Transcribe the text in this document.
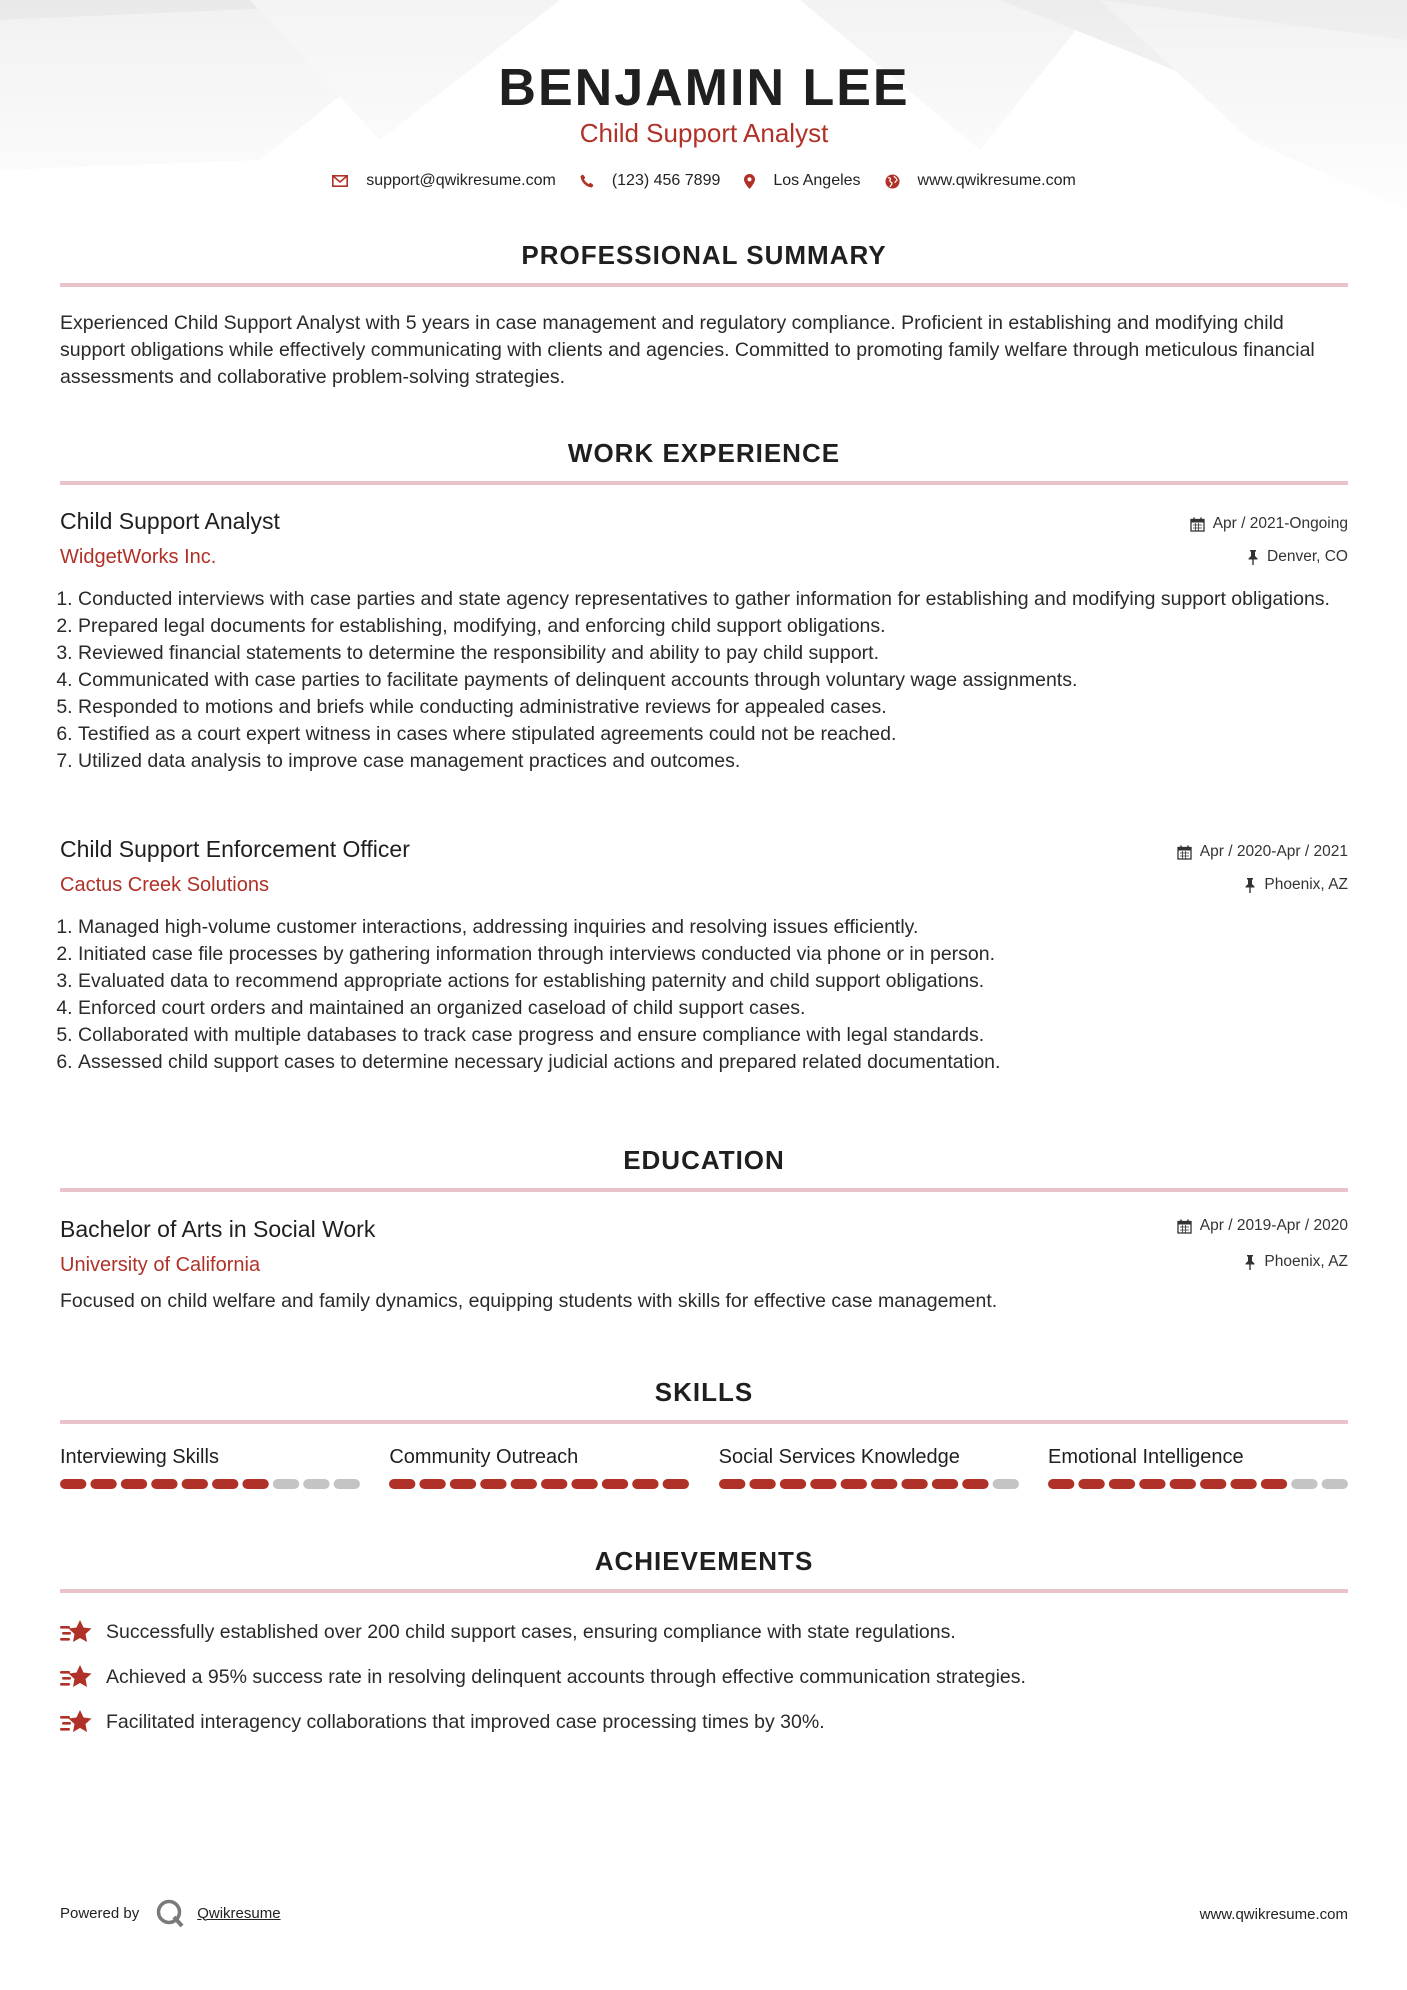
BENJAMIN LEE
Child Support Analyst
support@qwikresume.com	(123) 456 7899	Los Angeles	www.qwikresume.com
PROFESSIONAL SUMMARY
Experienced Child Support Analyst with 5 years in case management and regulatory compliance. Proficient in establishing and modifying child support obligations while effectively communicating with clients and agencies. Committed to promoting family welfare through meticulous financial assessments and collaborative problem-solving strategies.
WORK EXPERIENCE
Child Support Analyst	Apr / 2021-Ongoing
WidgetWorks Inc.	Denver, CO
1. Conducted interviews with case parties and state agency representatives to gather information for establishing and modifying support obligations.
2. Prepared legal documents for establishing, modifying, and enforcing child support obligations.
3. Reviewed financial statements to determine the responsibility and ability to pay child support.
4. Communicated with case parties to facilitate payments of delinquent accounts through voluntary wage assignments.
5. Responded to motions and briefs while conducting administrative reviews for appealed cases.
6. Testified as a court expert witness in cases where stipulated agreements could not be reached.
7. Utilized data analysis to improve case management practices and outcomes.
Child Support Enforcement Officer	Apr / 2020-Apr / 2021
Cactus Creek Solutions	Phoenix, AZ
1. Managed high-volume customer interactions, addressing inquiries and resolving issues efficiently.
2. Initiated case file processes by gathering information through interviews conducted via phone or in person.
3. Evaluated data to recommend appropriate actions for establishing paternity and child support obligations.
4. Enforced court orders and maintained an organized caseload of child support cases.
5. Collaborated with multiple databases to track case progress and ensure compliance with legal standards.
6. Assessed child support cases to determine necessary judicial actions and prepared related documentation.
EDUCATION
Bachelor of Arts in Social Work	Apr / 2019-Apr / 2020
University of California	Phoenix, AZ
Focused on child welfare and family dynamics, equipping students with skills for effective case management.
SKILLS
Interviewing Skills	Community Outreach	Social Services Knowledge	Emotional Intelligence
ACHIEVEMENTS
Successfully established over 200 child support cases, ensuring compliance with state regulations.
Achieved a 95% success rate in resolving delinquent accounts through effective communication strategies.
Facilitated interagency collaborations that improved case processing times by 30%.
Powered by	Qwikresume	www.qwikresume.com
